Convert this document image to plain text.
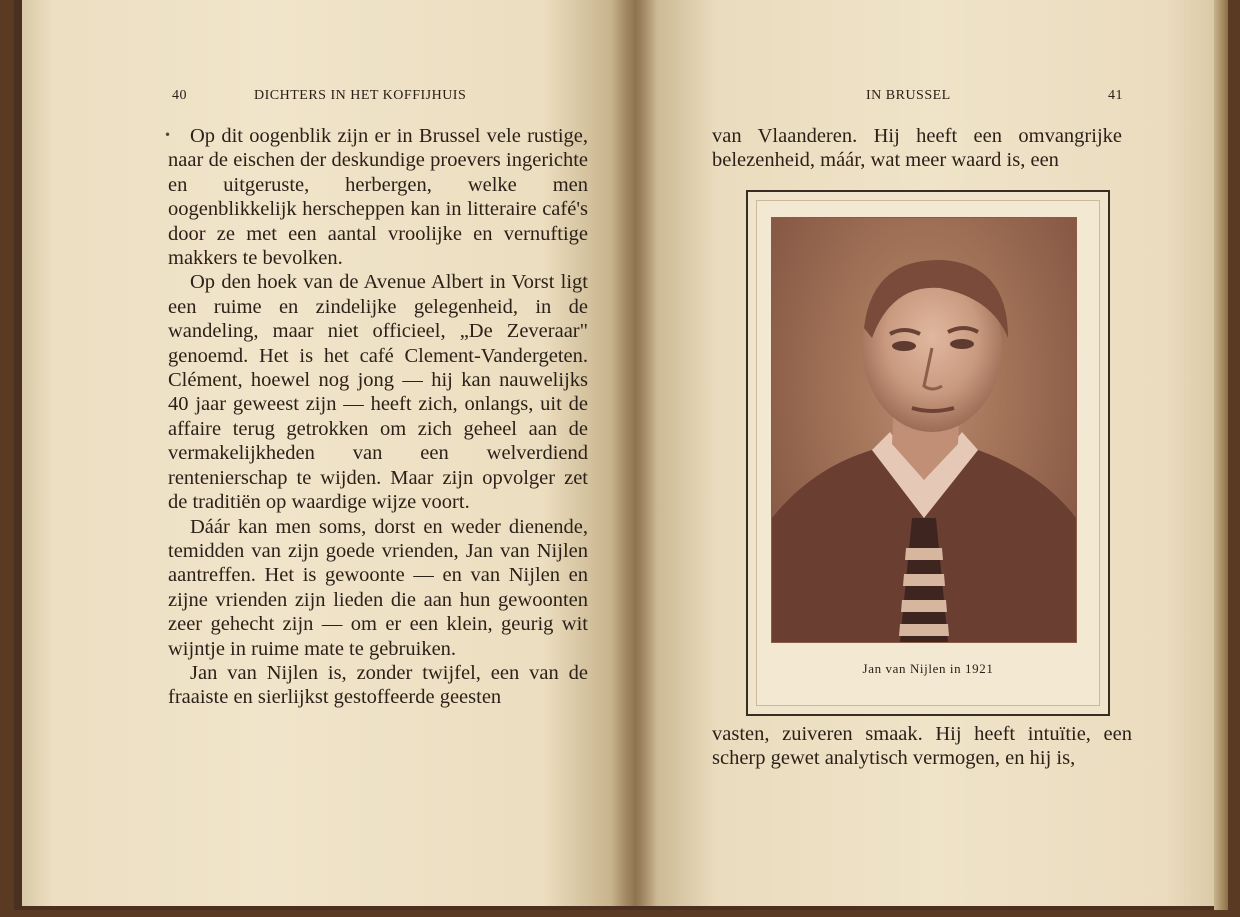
40	DICHTERS IN HET KOFFIJHUIS

Op dit oogenblik zijn er in Brussel vele rustige, naar de eischen der deskundige proevers ingerichte en uitgeruste, herbergen, welke men oogenblikkelijk herscheppen kan in litteraire café's door ze met een aantal vroolijke en vernuftige makkers te bevolken.

Op den hoek van de Avenue Albert in Vorst ligt een ruime en zindelijke gelegenheid, in de wandeling, maar niet officieel, „De Zeveraar" genoemd. Het is het café Clement-Vandergeten. Clément, hoewel nog jong — hij kan nauwelijks 40 jaar geweest zijn — heeft zich, onlangs, uit de affaire terug getrokken om zich geheel aan de vermakelijkheden van een welverdiend rentenierschap te wijden. Maar zijn opvolger zet de traditiën op waardige wijze voort.

Dáár kan men soms, dorst en weder dienende, temidden van zijn goede vrienden, Jan van Nijlen aantreffen. Het is gewoonte — en van Nijlen en zijne vrienden zijn lieden die aan hun gewoonten zeer gehecht zijn — om er een klein, geurig wit wijntje in ruime mate te gebruiken.

Jan van Nijlen is, zonder twijfel, een van de fraaiste en sierlijkst gestoffeerde geesten

•
IN BRUSSEL	41

van Vlaanderen. Hij heeft een omvangrijke belezenheid, máár, wat meer waard is, een

Jan van Nijlen in 1921

vasten, zuiveren smaak. Hij heeft intuïtie, een scherp gewet analytisch vermogen, en hij is,
